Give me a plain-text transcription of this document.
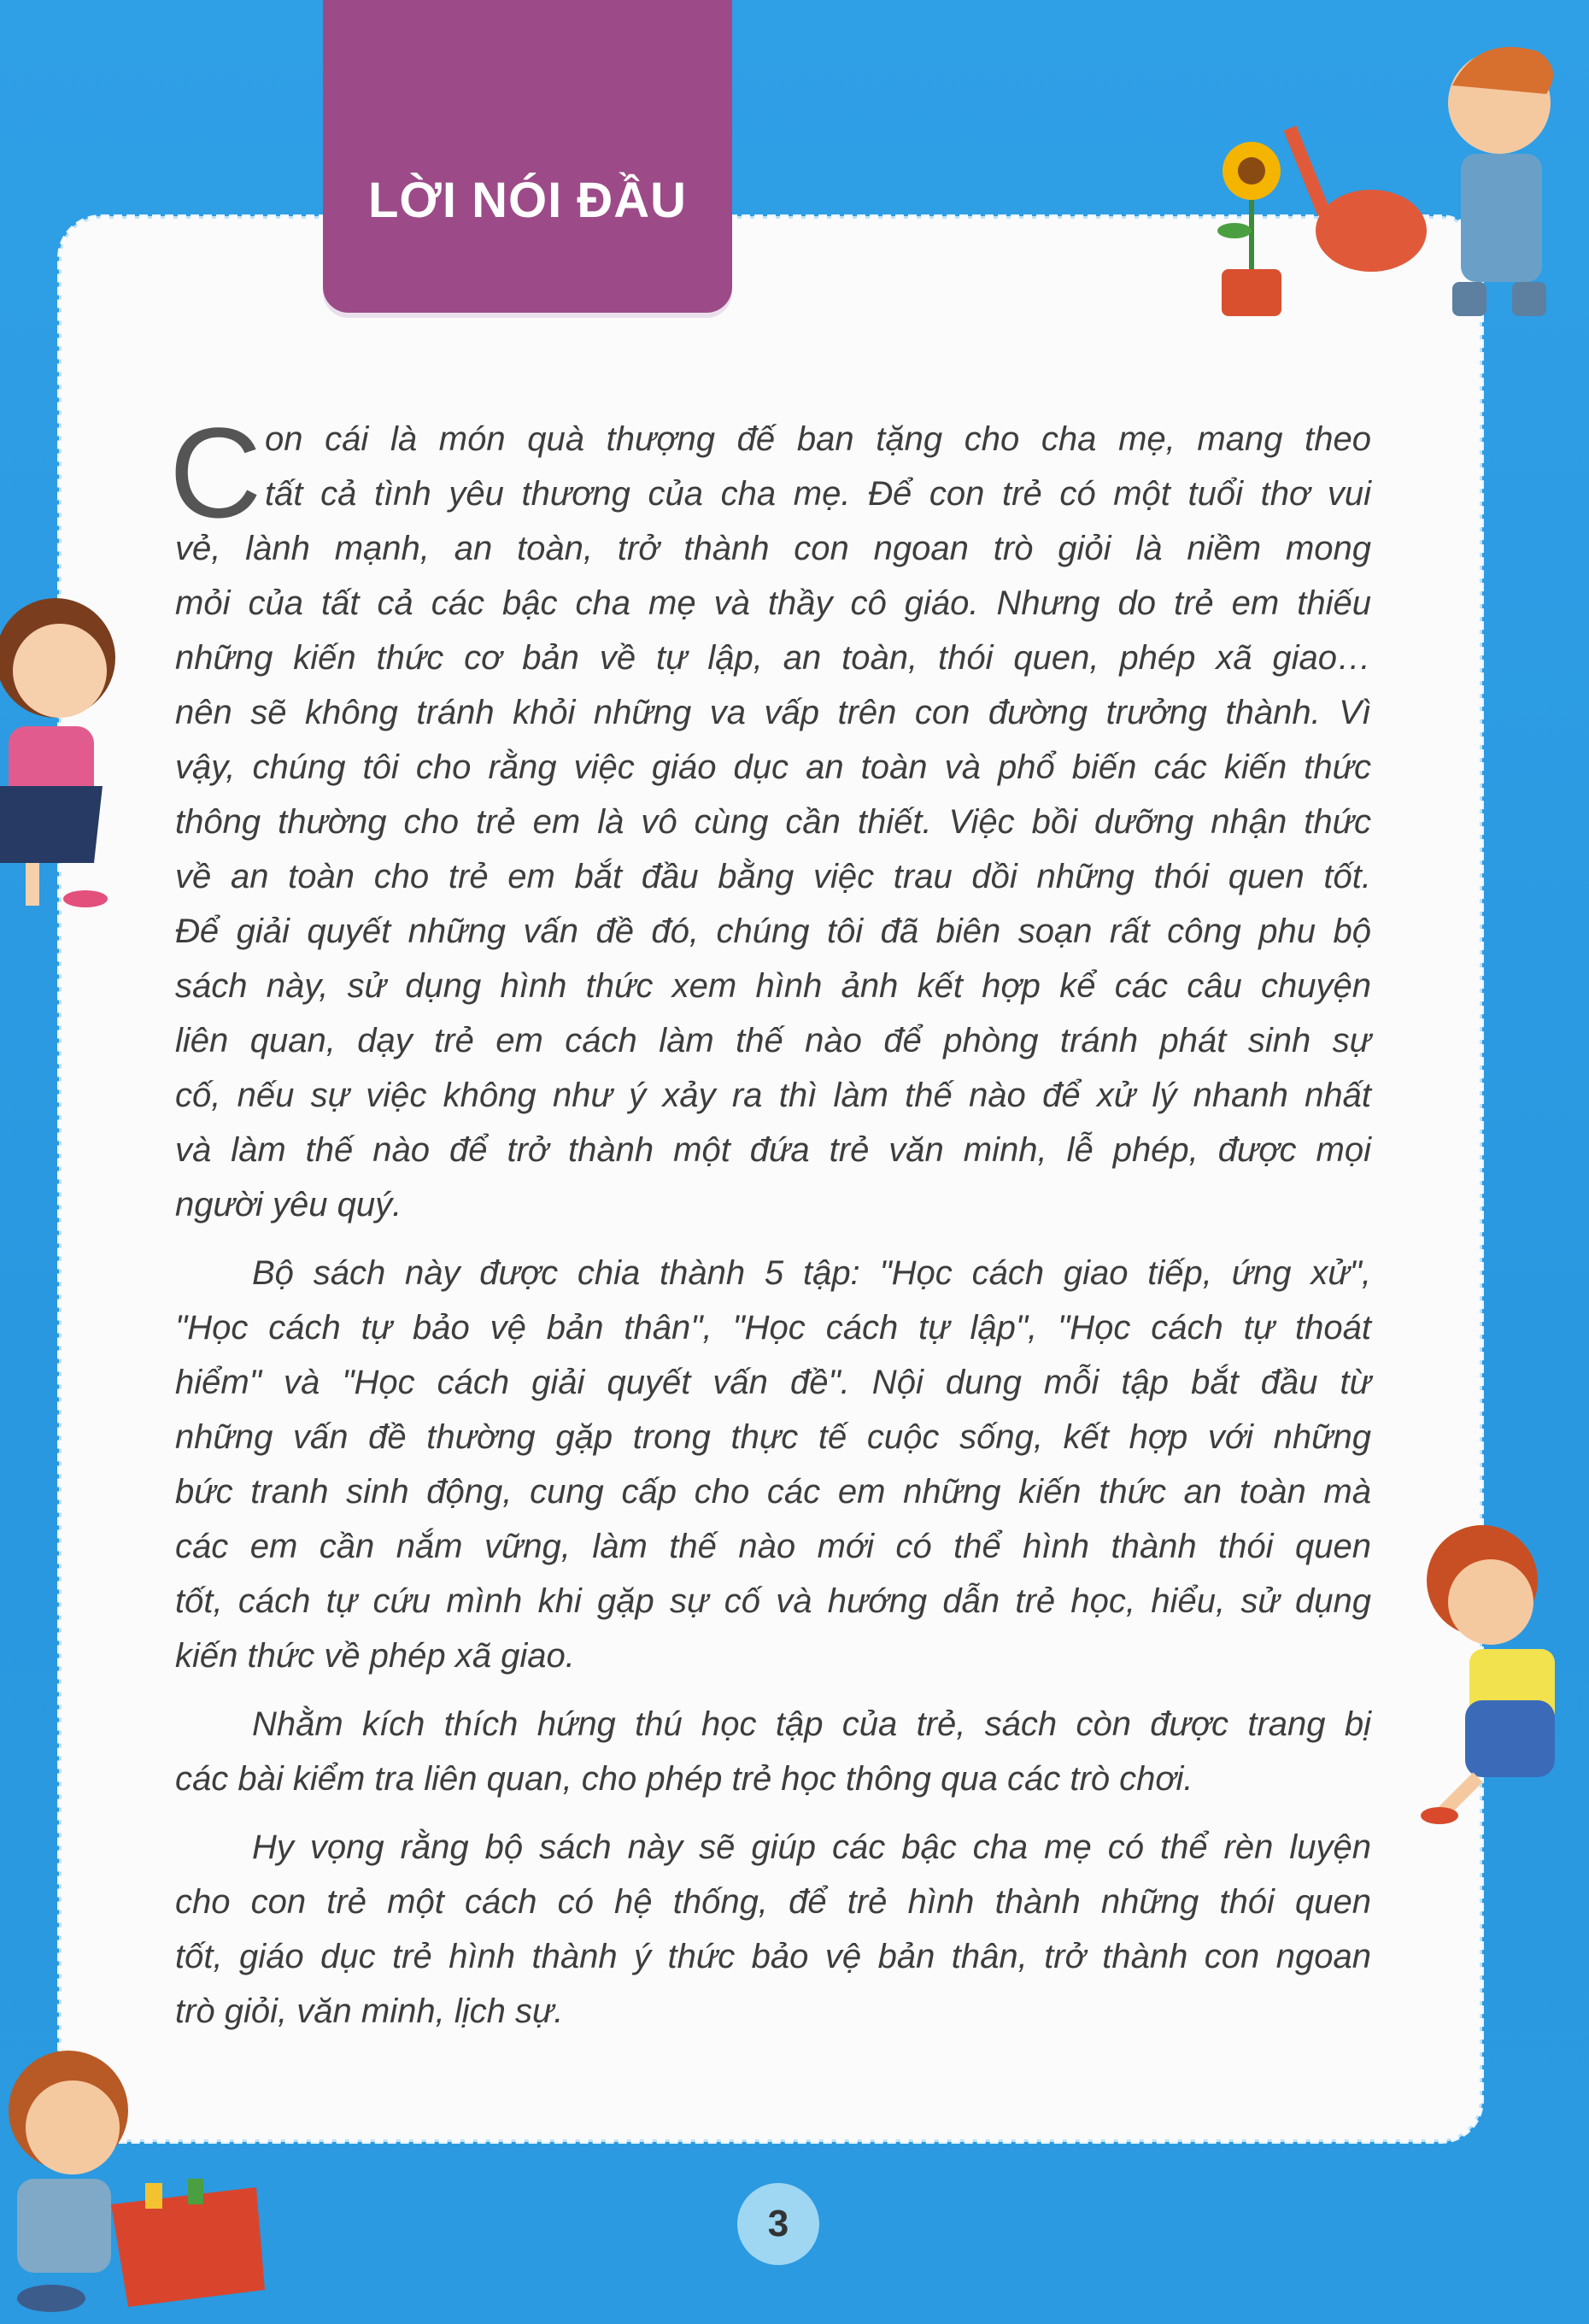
LỜI NÓI ĐẦU
C on cái là món quà thượng đế ban tặng cho cha mẹ, mang theo
tất cả tình yêu thương của cha mẹ. Để con trẻ có một tuổi thơ vui
vẻ, lành mạnh, an toàn, trở thành con ngoan trò giỏi là niềm mong
mỏi của tất cả các bậc cha mẹ và thầy cô giáo. Nhưng do trẻ em thiếu
những kiến thức cơ bản về tự lập, an toàn, thói quen, phép xã giao…
nên sẽ không tránh khỏi những va vấp trên con đường trưởng thành. Vì
vậy, chúng tôi cho rằng việc giáo dục an toàn và phổ biến các kiến thức
thông thường cho trẻ em là vô cùng cần thiết. Việc bồi dưỡng nhận thức
về an toàn cho trẻ em bắt đầu bằng việc trau dồi những thói quen tốt.
Để giải quyết những vấn đề đó, chúng tôi đã biên soạn rất công phu bộ
sách này, sử dụng hình thức xem hình ảnh kết hợp kể các câu chuyện
liên quan, dạy trẻ em cách làm thế nào để phòng tránh phát sinh sự
cố, nếu sự việc không như ý xảy ra thì làm thế nào để xử lý nhanh nhất
và làm thế nào để trở thành một đứa trẻ văn minh, lễ phép, được mọi
người yêu quý.
Bộ sách này được chia thành 5 tập: "Học cách giao tiếp, ứng xử",
"Học cách tự bảo vệ bản thân", "Học cách tự lập", "Học cách tự thoát
hiểm" và "Học cách giải quyết vấn đề". Nội dung mỗi tập bắt đầu từ
những vấn đề thường gặp trong thực tế cuộc sống, kết hợp với những
bức tranh sinh động, cung cấp cho các em những kiến thức an toàn mà
các em cần nắm vững, làm thế nào mới có thể hình thành thói quen
tốt, cách tự cứu mình khi gặp sự cố và hướng dẫn trẻ học, hiểu, sử dụng
kiến thức về phép xã giao.
Nhằm kích thích hứng thú học tập của trẻ, sách còn được trang bị
các bài kiểm tra liên quan, cho phép trẻ học thông qua các trò chơi.
Hy vọng rằng bộ sách này sẽ giúp các bậc cha mẹ có thể rèn luyện
cho con trẻ một cách có hệ thống, để trẻ hình thành những thói quen
tốt, giáo dục trẻ hình thành ý thức bảo vệ bản thân, trở thành con ngoan
trò giỏi, văn minh, lịch sự.
3
